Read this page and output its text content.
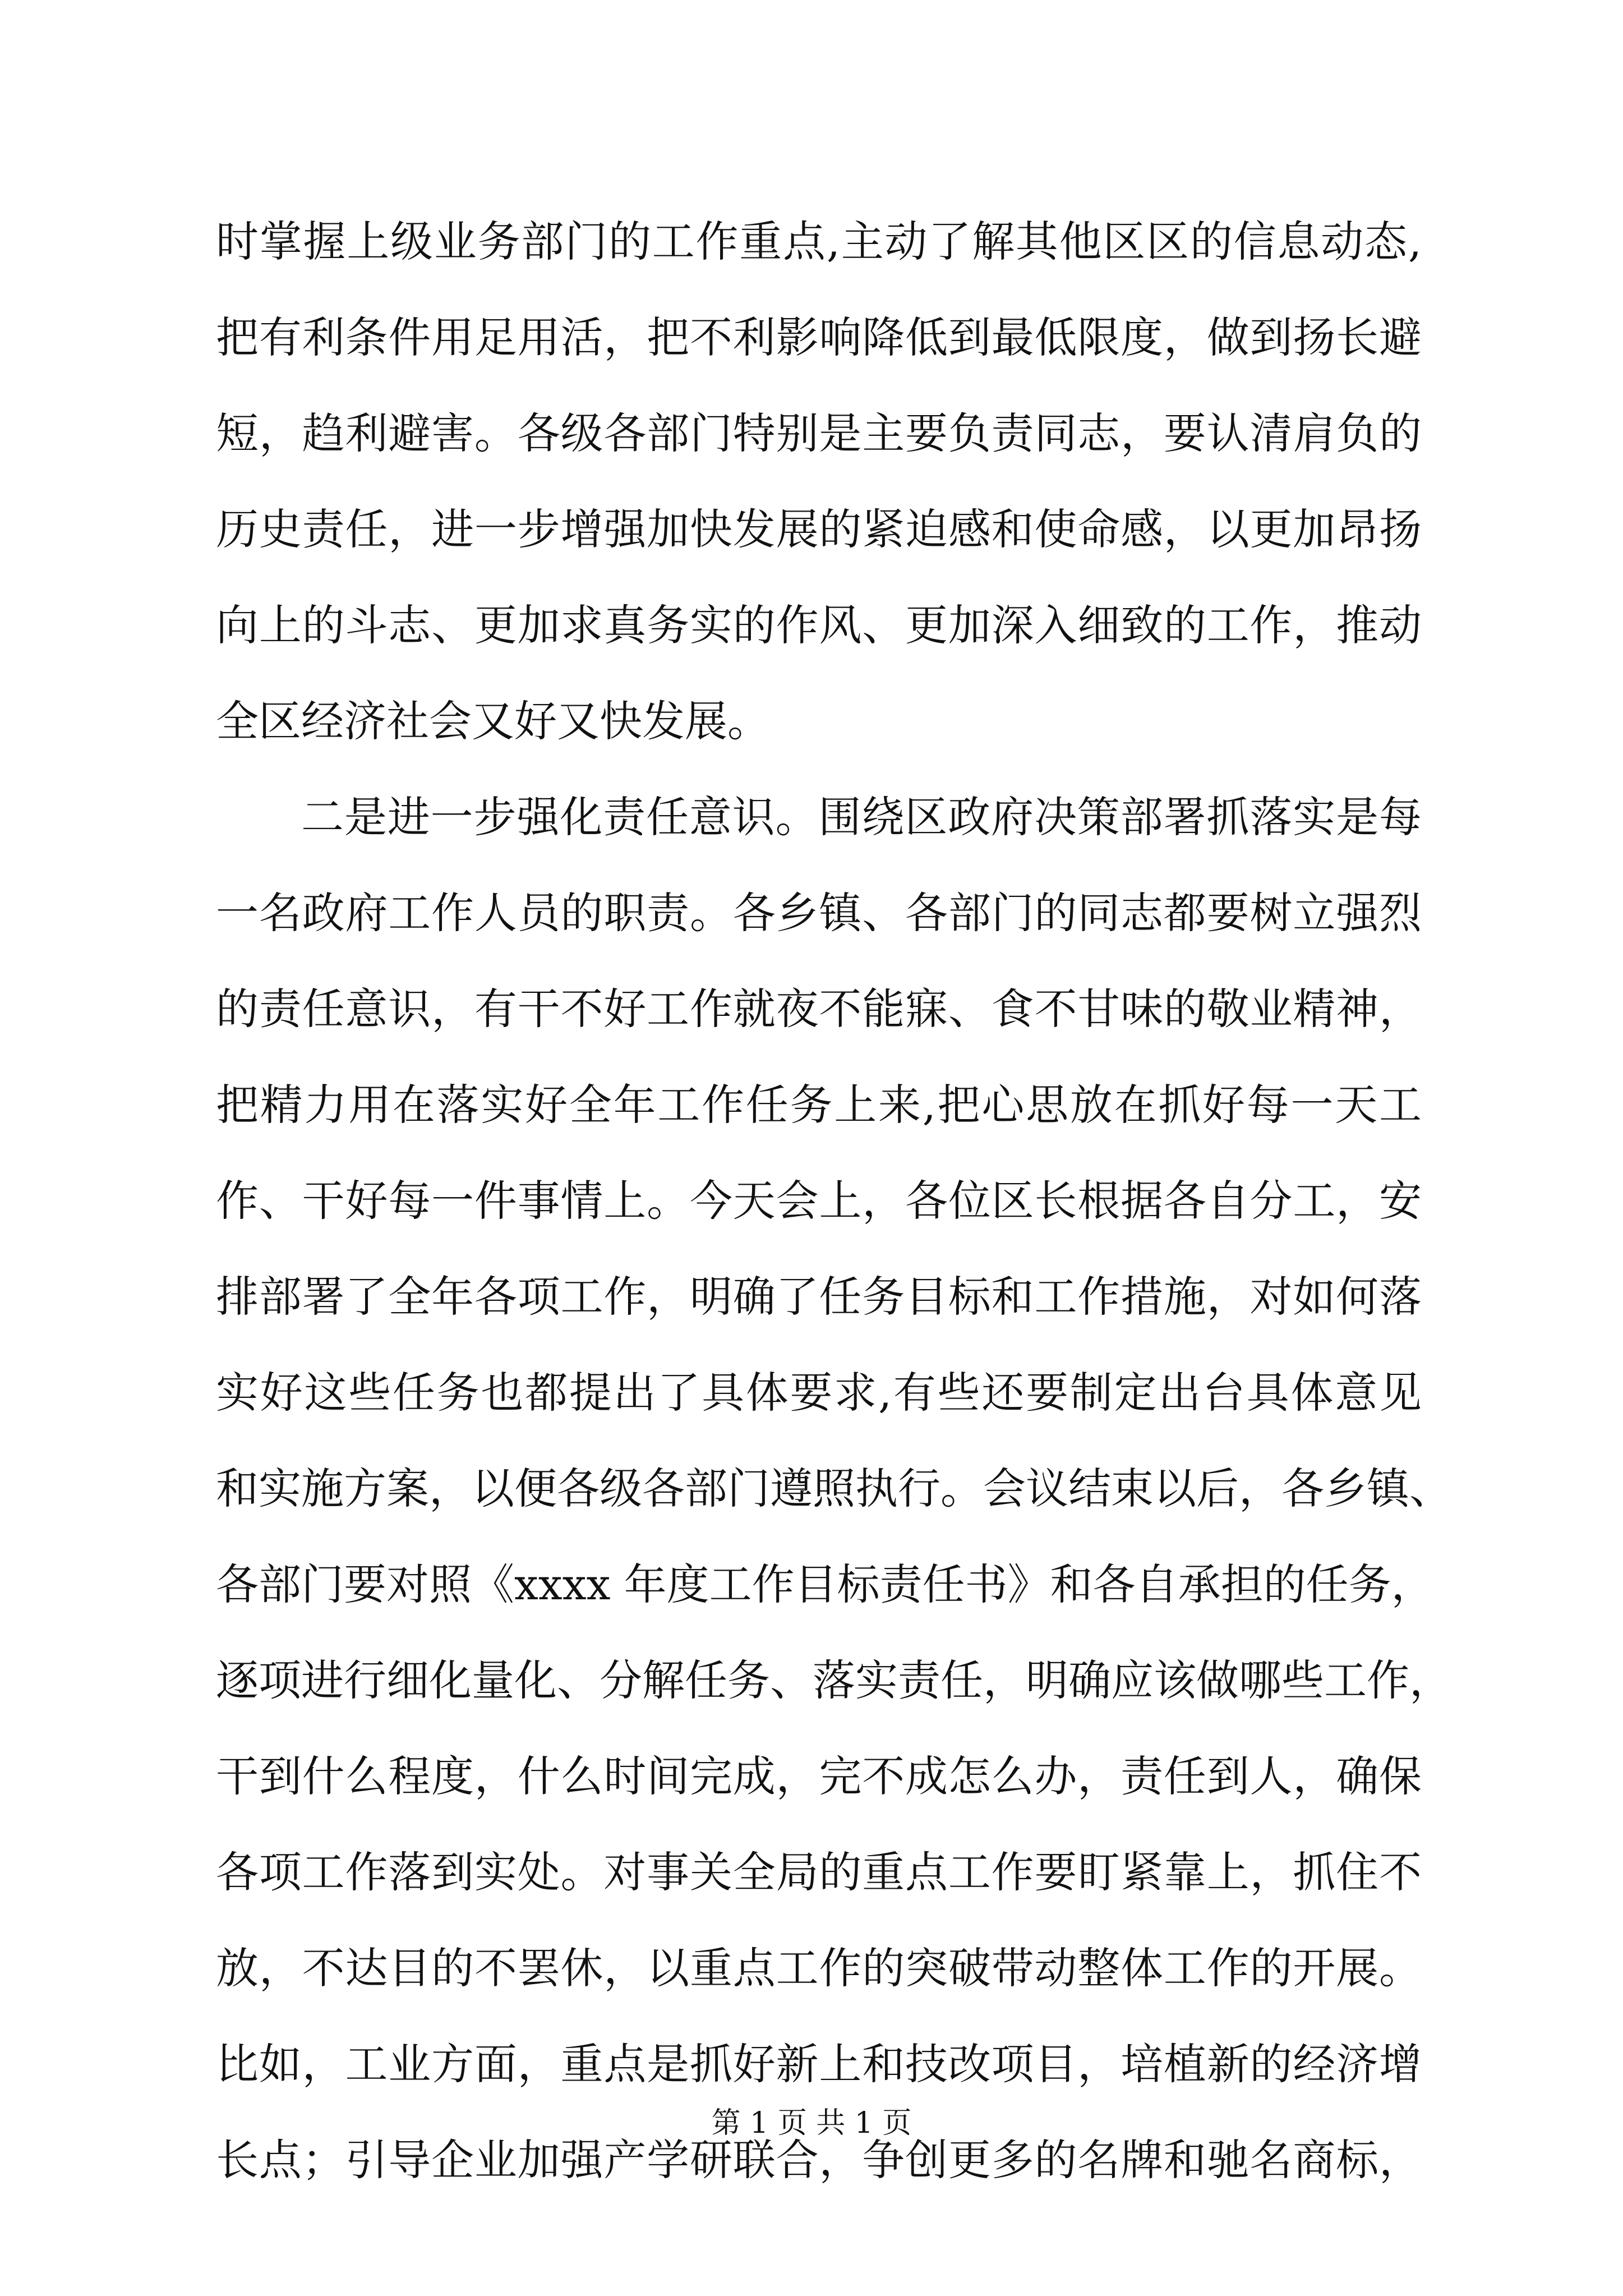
时掌握上级业务部门的工作重点,主动了解其他区区的信息动态,
把有利条件用足用活，把不利影响降低到最低限度，做到扬长避
短，趋利避害。各级各部门特别是主要负责同志，要认清肩负的
历史责任，进一步增强加快发展的紧迫感和使命感，以更加昂扬
向上的斗志、更加求真务实的作风、更加深入细致的工作，推动
全区经济社会又好又快发展。
二是进一步强化责任意识。围绕区政府决策部署抓落实是每
一名政府工作人员的职责。各乡镇、各部门的同志都要树立强烈
的责任意识，有干不好工作就夜不能寐、食不甘味的敬业精神，
把精力用在落实好全年工作任务上来,把心思放在抓好每一天工
作、干好每一件事情上。今天会上，各位区长根据各自分工，安
排部署了全年各项工作，明确了任务目标和工作措施，对如何落
实好这些任务也都提出了具体要求,有些还要制定出台具体意见
和实施方案，以便各级各部门遵照执行。会议结束以后，各乡镇、
各部门要对照《xxxx 年度工作目标责任书》和各自承担的任务，
逐项进行细化量化、分解任务、落实责任，明确应该做哪些工作，
干到什么程度，什么时间完成，完不成怎么办，责任到人，确保
各项工作落到实处。对事关全局的重点工作要盯紧靠上，抓住不
放，不达目的不罢休，以重点工作的突破带动整体工作的开展。
比如，工业方面，重点是抓好新上和技改项目，培植新的经济增
长点；引导企业加强产学研联合，争创更多的名牌和驰名商标，
第 1 页 共 1 页
